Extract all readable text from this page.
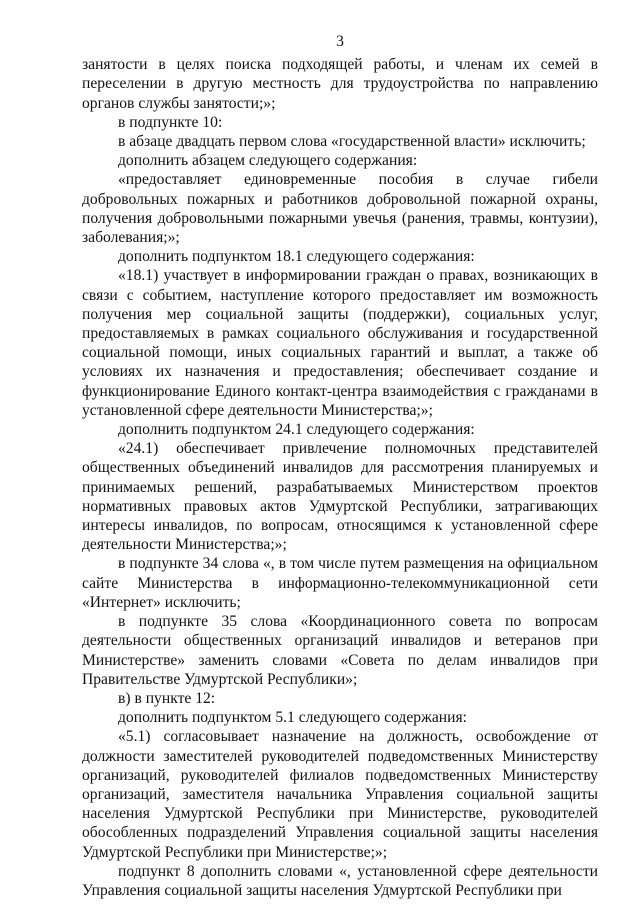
3

занятости в целях поиска подходящей работы, и членам их семей в переселении в другую местность для трудоустройства по направлению органов службы занятости;»;

в подпункте 10:

в абзаце двадцать первом слова «государственной власти» исключить;

дополнить абзацем следующего содержания:

«предоставляет единовременные пособия в случае гибели добровольных пожарных и работников добровольной пожарной охраны, получения добровольными пожарными увечья (ранения, травмы, контузии), заболевания;»;

дополнить подпунктом 18.1 следующего содержания:

«18.1) участвует в информировании граждан о правах, возникающих в связи с событием, наступление которого предоставляет им возможность получения мер социальной защиты (поддержки), социальных услуг, предоставляемых в рамках социального обслуживания и государственной социальной помощи, иных социальных гарантий и выплат, а также об условиях их назначения и предоставления; обеспечивает создание и функционирование Единого контакт-центра взаимодействия с гражданами в установленной сфере деятельности Министерства;»;

дополнить подпунктом 24.1 следующего содержания:

«24.1) обеспечивает привлечение полномочных представителей общественных объединений инвалидов для рассмотрения планируемых и принимаемых решений, разрабатываемых Министерством проектов нормативных правовых актов Удмуртской Республики, затрагивающих интересы инвалидов, по вопросам, относящимся к установленной сфере деятельности Министерства;»;

в подпункте 34 слова «, в том числе путем размещения на официальном сайте Министерства в информационно-телекоммуникационной сети «Интернет» исключить;

в подпункте 35 слова «Координационного совета по вопросам деятельности общественных организаций инвалидов и ветеранов при Министерстве» заменить словами «Совета по делам инвалидов при Правительстве Удмуртской Республики»;

в) в пункте 12:

дополнить подпунктом 5.1 следующего содержания:

«5.1) согласовывает назначение на должность, освобождение от должности заместителей руководителей подведомственных Министерству организаций, руководителей филиалов подведомственных Министерству организаций, заместителя начальника Управления социальной защиты населения Удмуртской Республики при Министерстве, руководителей обособленных подразделений Управления социальной защиты населения Удмуртской Республики при Министерстве;»;

подпункт 8 дополнить словами «, установленной сфере деятельности Управления социальной защиты населения Удмуртской Республики при
